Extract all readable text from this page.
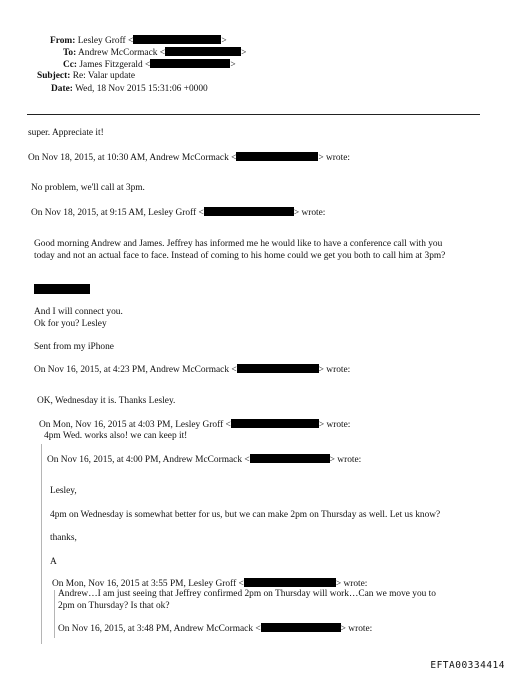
From: Lesley Groff <	>
To: Andrew McCormack <	>
Cc: James Fitzgerald <	>
Subject: Re: Valar update
Date: Wed, 18 Nov 2015 15:31:06 +0000
super. Appreciate it!
On Nov 18, 2015, at 10:30 AM, Andrew McCormack <	> wrote:
No problem, we'll call at 3pm.
On Nov 18, 2015, at 9:15 AM, Lesley Groff <	> wrote:
Good morning Andrew and James. Jeffrey has informed me he would like to have a conference call with you
today and not an actual face to face. Instead of coming to his home could we get you both to call him at 3pm?
And I will connect you.
Ok for you? Lesley
Sent from my iPhone
On Nov 16, 2015, at 4:23 PM, Andrew McCormack <	> wrote:
OK, Wednesday it is. Thanks Lesley.
On Mon, Nov 16, 2015 at 4:03 PM, Lesley Groff <	> wrote:
4pm Wed. works also! we can keep it!
On Nov 16, 2015, at 4:00 PM, Andrew McCormack <	> wrote:
Lesley,
4pm on Wednesday is somewhat better for us, but we can make 2pm on Thursday as well. Let us know?
thanks,
A
On Mon, Nov 16, 2015 at 3:55 PM, Lesley Groff <	> wrote:
Andrew…I am just seeing that Jeffrey confirmed 2pm on Thursday will work…Can we move you to
2pm on Thursday? Is that ok?
On Nov 16, 2015, at 3:48 PM, Andrew McCormack <	> wrote:
EFTA00334414
